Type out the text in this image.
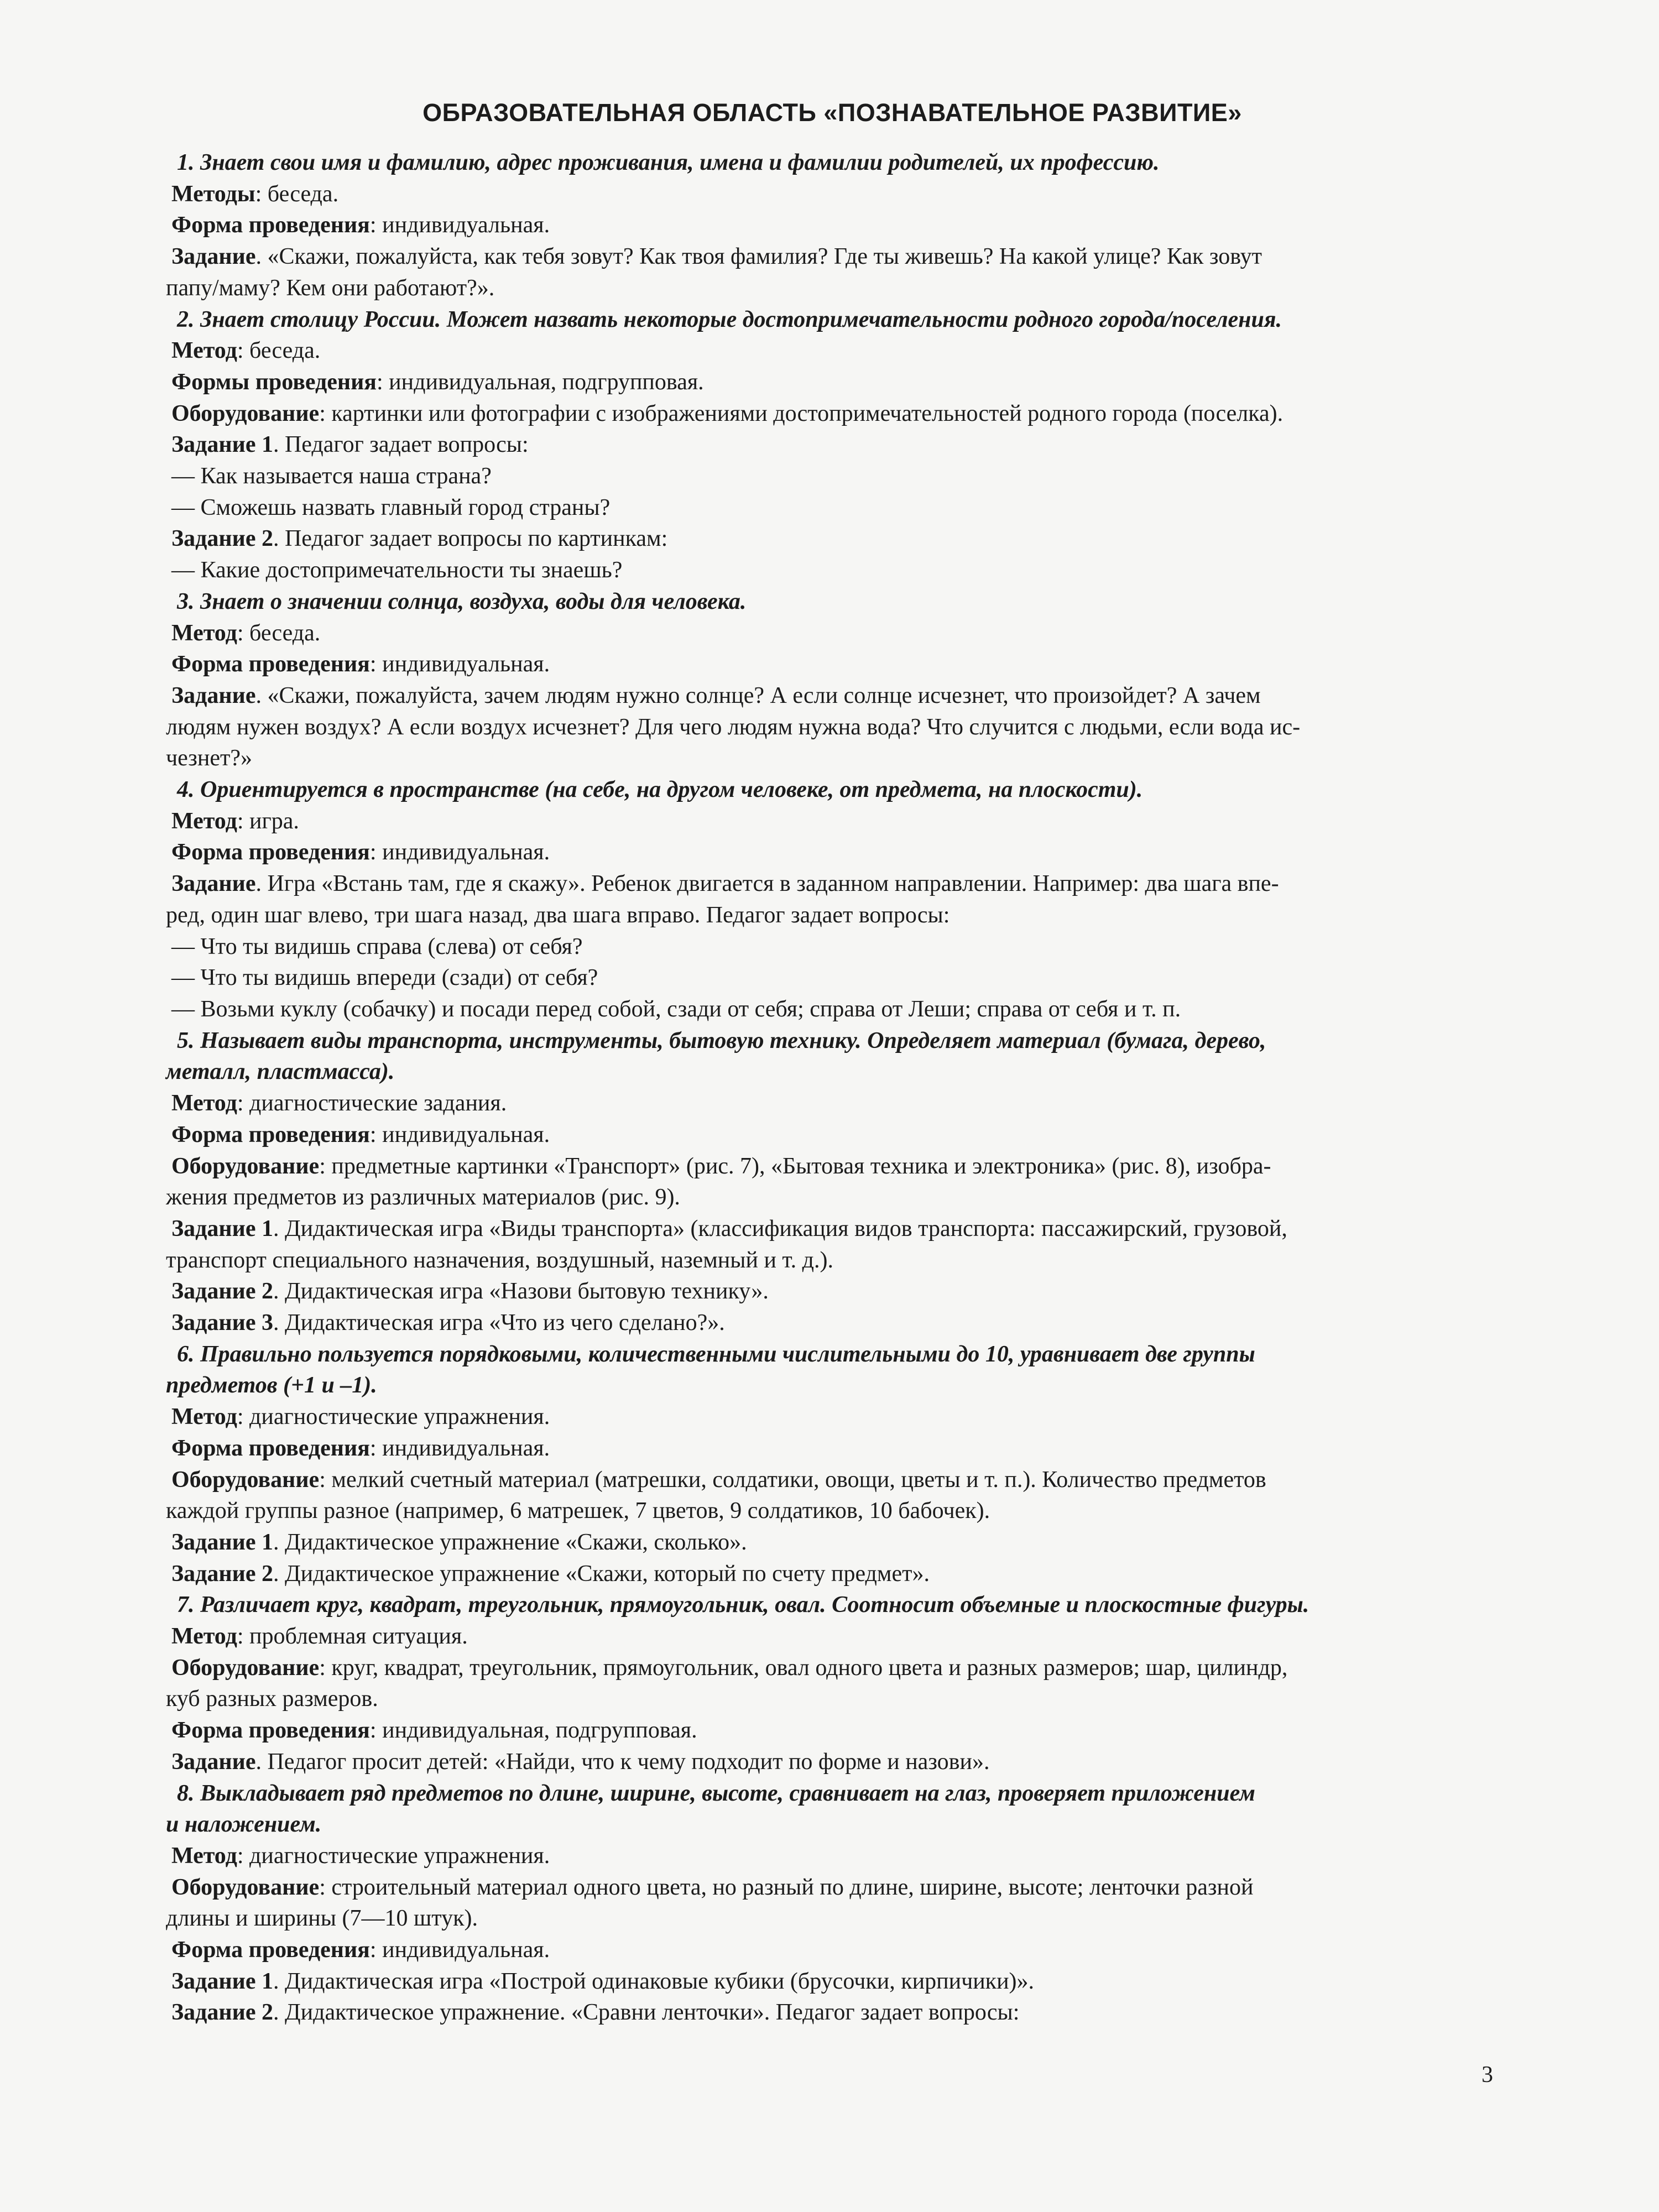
ОБРАЗОВАТЕЛЬНАЯ ОБЛАСТЬ «ПОЗНАВАТЕЛЬНОЕ РАЗВИТИЕ»
1. Знает свои имя и фамилию, адрес проживания, имена и фамилии родителей, их профессию.
Методы: беседа.
Форма проведения: индивидуальная.
Задание. «Скажи, пожалуйста, как тебя зовут? Как твоя фамилия? Где ты живешь? На какой улице? Как зовут
папу/маму? Кем они работают?».
2. Знает столицу России. Может назвать некоторые достопримечательности родного города/поселения.
Метод: беседа.
Формы проведения: индивидуальная, подгрупповая.
Оборудование: картинки или фотографии с изображениями достопримечательностей родного города (поселка).
Задание 1. Педагог задает вопросы:
— Как называется наша страна?
— Сможешь назвать главный город страны?
Задание 2. Педагог задает вопросы по картинкам:
— Какие достопримечательности ты знаешь?
3. Знает о значении солнца, воздуха, воды для человека.
Метод: беседа.
Форма проведения: индивидуальная.
Задание. «Скажи, пожалуйста, зачем людям нужно солнце? А если солнце исчезнет, что произойдет? А зачем
людям нужен воздух? А если воздух исчезнет? Для чего людям нужна вода? Что случится с людьми, если вода ис-
чезнет?»
4. Ориентируется в пространстве (на себе, на другом человеке, от предмета, на плоскости).
Метод: игра.
Форма проведения: индивидуальная.
Задание. Игра «Встань там, где я скажу». Ребенок двигается в заданном направлении. Например: два шага впе-
ред, один шаг влево, три шага назад, два шага вправо. Педагог задает вопросы:
— Что ты видишь справа (слева) от себя?
— Что ты видишь впереди (сзади) от себя?
— Возьми куклу (собачку) и посади перед собой, сзади от себя; справа от Леши; справа от себя и т. п.
5. Называет виды транспорта, инструменты, бытовую технику. Определяет материал (бумага, дерево,
металл, пластмасса).
Метод: диагностические задания.
Форма проведения: индивидуальная.
Оборудование: предметные картинки «Транспорт» (рис. 7), «Бытовая техника и электроника» (рис. 8), изобра-
жения предметов из различных материалов (рис. 9).
Задание 1. Дидактическая игра «Виды транспорта» (классификация видов транспорта: пассажирский, грузовой,
транспорт специального назначения, воздушный, наземный и т. д.).
Задание 2. Дидактическая игра «Назови бытовую технику».
Задание 3. Дидактическая игра «Что из чего сделано?».
6. Правильно пользуется порядковыми, количественными числительными до 10, уравнивает две группы
предметов (+1 и –1).
Метод: диагностические упражнения.
Форма проведения: индивидуальная.
Оборудование: мелкий счетный материал (матрешки, солдатики, овощи, цветы и т. п.). Количество предметов
каждой группы разное (например, 6 матрешек, 7 цветов, 9 солдатиков, 10 бабочек).
Задание 1. Дидактическое упражнение «Скажи, сколько».
Задание 2. Дидактическое упражнение «Скажи, который по счету предмет».
7. Различает круг, квадрат, треугольник, прямоугольник, овал. Соотносит объемные и плоскостные фигуры.
Метод: проблемная ситуация.
Оборудование: круг, квадрат, треугольник, прямоугольник, овал одного цвета и разных размеров; шар, цилиндр,
куб разных размеров.
Форма проведения: индивидуальная, подгрупповая.
Задание. Педагог просит детей: «Найди, что к чему подходит по форме и назови».
8. Выкладывает ряд предметов по длине, ширине, высоте, сравнивает на глаз, проверяет приложением
и наложением.
Метод: диагностические упражнения.
Оборудование: строительный материал одного цвета, но разный по длине, ширине, высоте; ленточки разной
длины и ширины (7—10 штук).
Форма проведения: индивидуальная.
Задание 1. Дидактическая игра «Построй одинаковые кубики (брусочки, кирпичики)».
Задание 2. Дидактическое упражнение. «Сравни ленточки». Педагог задает вопросы:
3
